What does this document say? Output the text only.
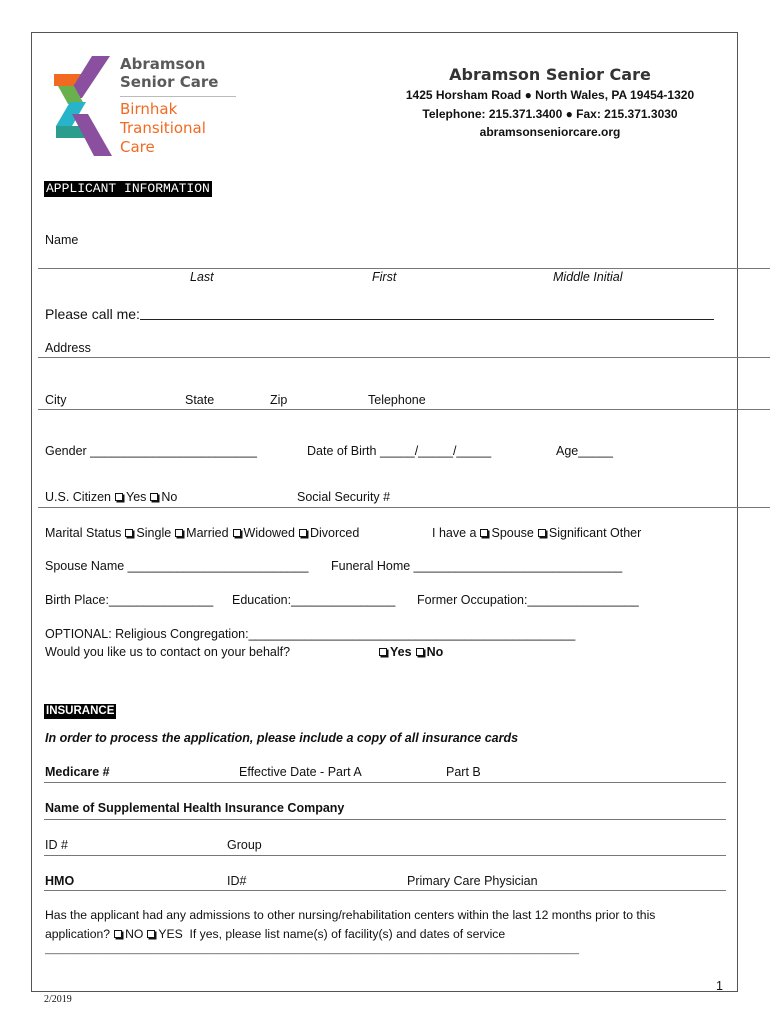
Abramson
Senior Care
Birnhak
Transitional
Care
Abramson Senior Care
1425 Horsham Road ● North Wales, PA 19454-1320
Telephone: 215.371.3400 ● Fax: 215.371.3030
abramsonseniorcare.org
APPLICANT INFORMATION
Name
Last	First	Middle Initial
Please call me:
Address
City	State	Zip	Telephone
Gender ________________________	Date of Birth _____/_____/_____	Age_____
U.S. Citizen Yes No	Social Security #
Marital Status Single Married Widowed Divorced	I have a Spouse Significant Other
Spouse Name __________________________ Funeral Home ______________________________
Birth Place:_______________ Education:_______________ Former Occupation:________________
OPTIONAL: Religious Congregation:_______________________________________________
Would you like us to contact on your behalf?	Yes No
INSURANCE
In order to process the application, please include a copy of all insurance cards
Medicare #	Effective Date - Part A	Part B
Name of Supplemental Health Insurance Company
ID #	Group
HMO	ID#	Primary Care Physician
Has the applicant had any admissions to other nursing/rehabilitation centers within the last 12 months prior to this
application? NO YES If yes, please list name(s) of facility(s) and dates of service
________________________________________________________________________________________________
1
2/2019
